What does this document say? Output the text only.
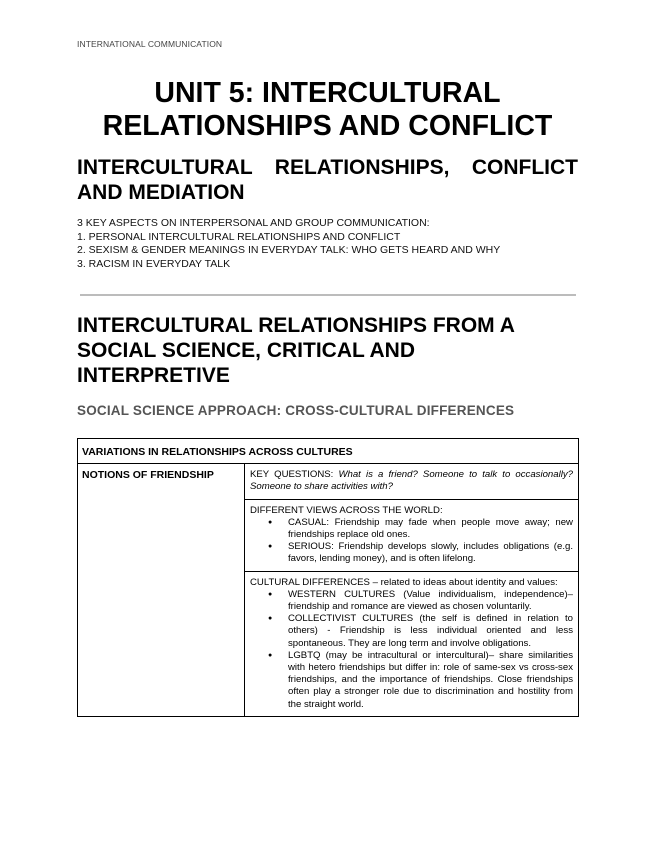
INTERNATIONAL COMMUNICATION
UNIT 5: INTERCULTURAL
RELATIONSHIPS AND CONFLICT
INTERCULTURAL RELATIONSHIPS, CONFLICT AND MEDIATION
3 KEY ASPECTS ON INTERPERSONAL AND GROUP COMMUNICATION:
1. PERSONAL INTERCULTURAL RELATIONSHIPS AND CONFLICT
2. SEXISM & GENDER MEANINGS IN EVERYDAY TALK: WHO GETS HEARD AND WHY
3. RACISM IN EVERYDAY TALK
INTERCULTURAL RELATIONSHIPS FROM A
SOCIAL SCIENCE, CRITICAL AND
INTERPRETIVE
SOCIAL SCIENCE APPROACH: CROSS-CULTURAL DIFFERENCES
VARIATIONS IN RELATIONSHIPS ACROSS CULTURES
NOTIONS OF FRIENDSHIP	KEY QUESTIONS: What is a friend? Someone to talk to occasionally? Someone to share activities with?

DIFFERENT VIEWS ACROSS THE WORLD:
● CASUAL: Friendship may fade when people move away; new friendships replace old ones.
● SERIOUS: Friendship develops slowly, includes obligations (e.g. favors, lending money), and is often lifelong.

CULTURAL DIFFERENCES – related to ideas about identity and values:
● WESTERN CULTURES (Value individualism, independence)– friendship and romance are viewed as chosen voluntarily.
● COLLECTIVIST CULTURES (the self is defined in relation to others) - Friendship is less individual oriented and less spontaneous. They are long term and involve obligations.
● LGBTQ (may be intracultural or intercultural)– share similarities with hetero friendships but differ in: role of same-sex vs cross-sex friendships, and the importance of friendships. Close friendships often play a stronger role due to discrimination and hostility from the straight world.
